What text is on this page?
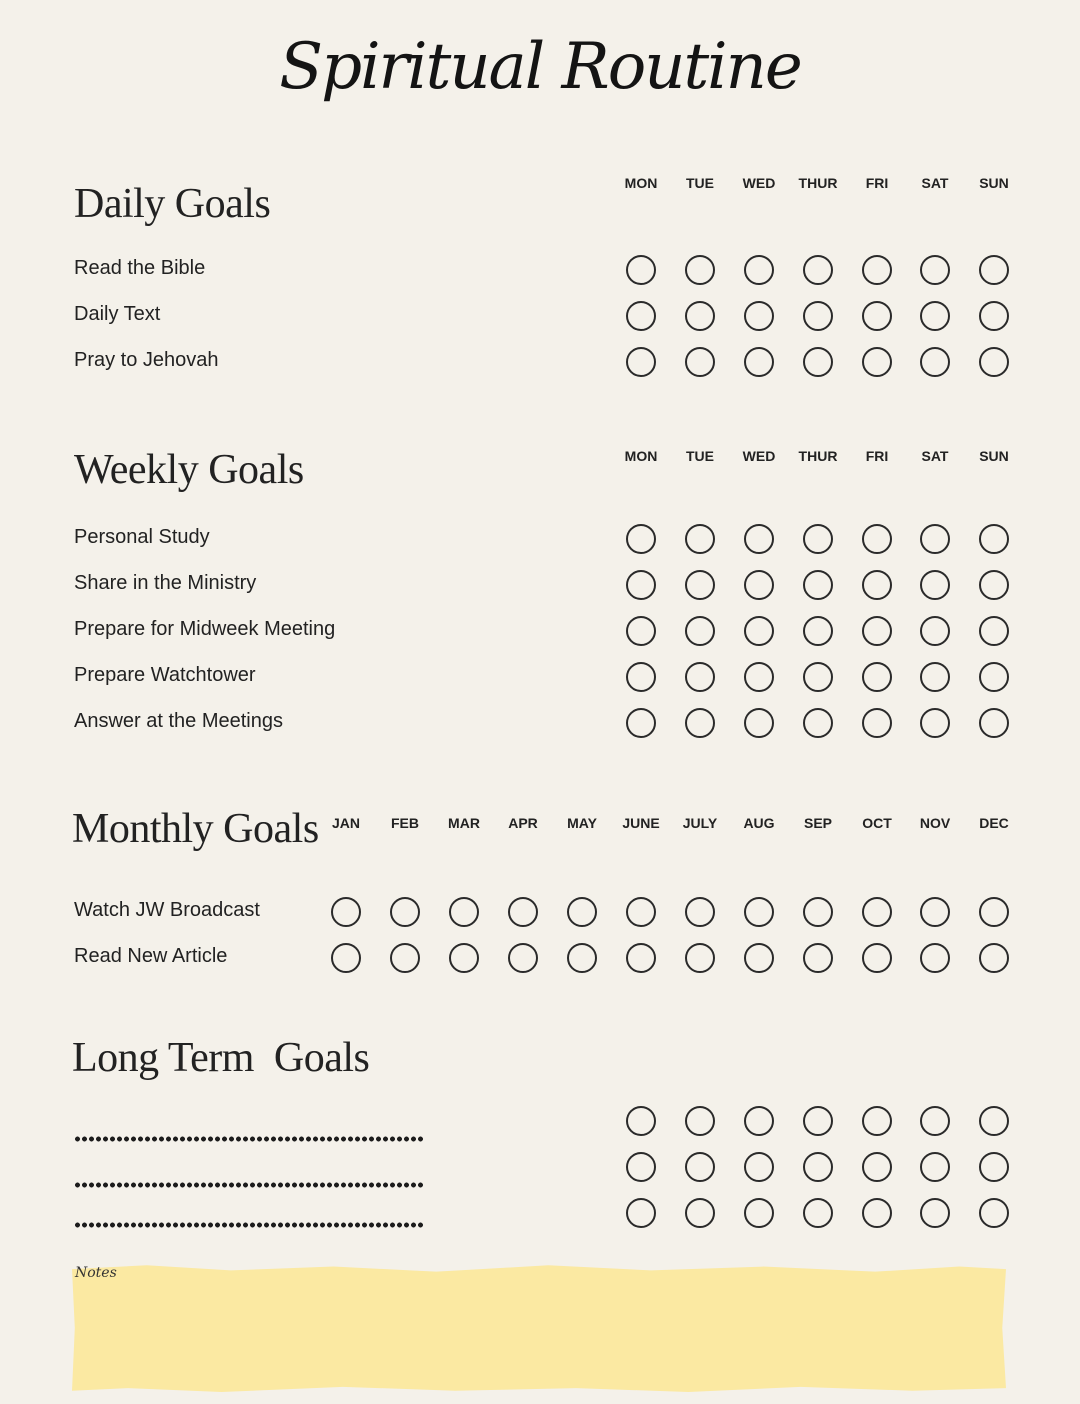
Spiritual Routine
Daily Goals
Weekly Goals
Monthly Goals
Long Term  Goals
MON	TUE	WED	THUR	FRI	SAT	SUN
Read the Bible
Daily Text
Pray to Jehovah
MON	TUE	WED	THUR	FRI	SAT	SUN
Personal Study
Share in the Ministry
Prepare for Midweek Meeting
Prepare Watchtower
Answer at the Meetings
JAN	FEB	MAR	APR	MAY	JUNE	JULY	AUG	SEP	OCT	NOV	DEC
Watch JW Broadcast
Read New Article
Notes
